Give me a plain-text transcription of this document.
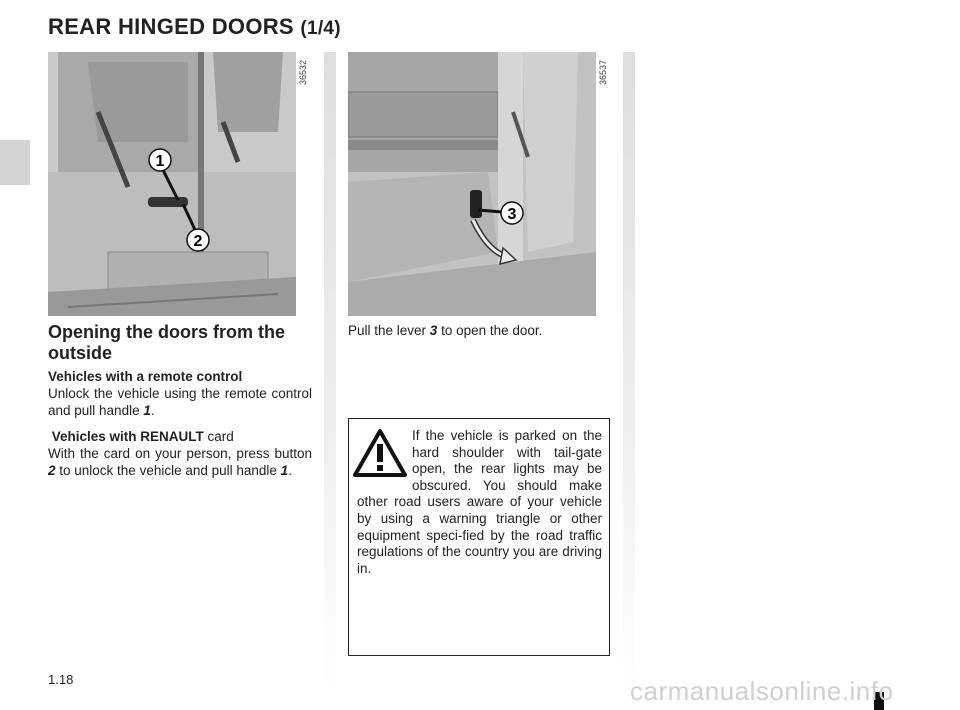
REAR HINGED DOORS (1/4)
1
2
36532
3
36537
Opening the doors from the outside
Vehicles with a remote control
Unlock the vehicle using the remote control and pull handle 1.
Vehicles with RENAULT card
With the card on your person, press button 2 to unlock the vehicle and pull handle 1.
Pull the lever 3 to open the door.
If the vehicle is parked on the hard shoulder with tail-gate open, the rear lights may be obscured. You should make other road users aware of your vehicle by using a warning triangle or other equipment speci-fied by the road traffic regulations of the country you are driving in.
1.18	carmanualsonline.info
